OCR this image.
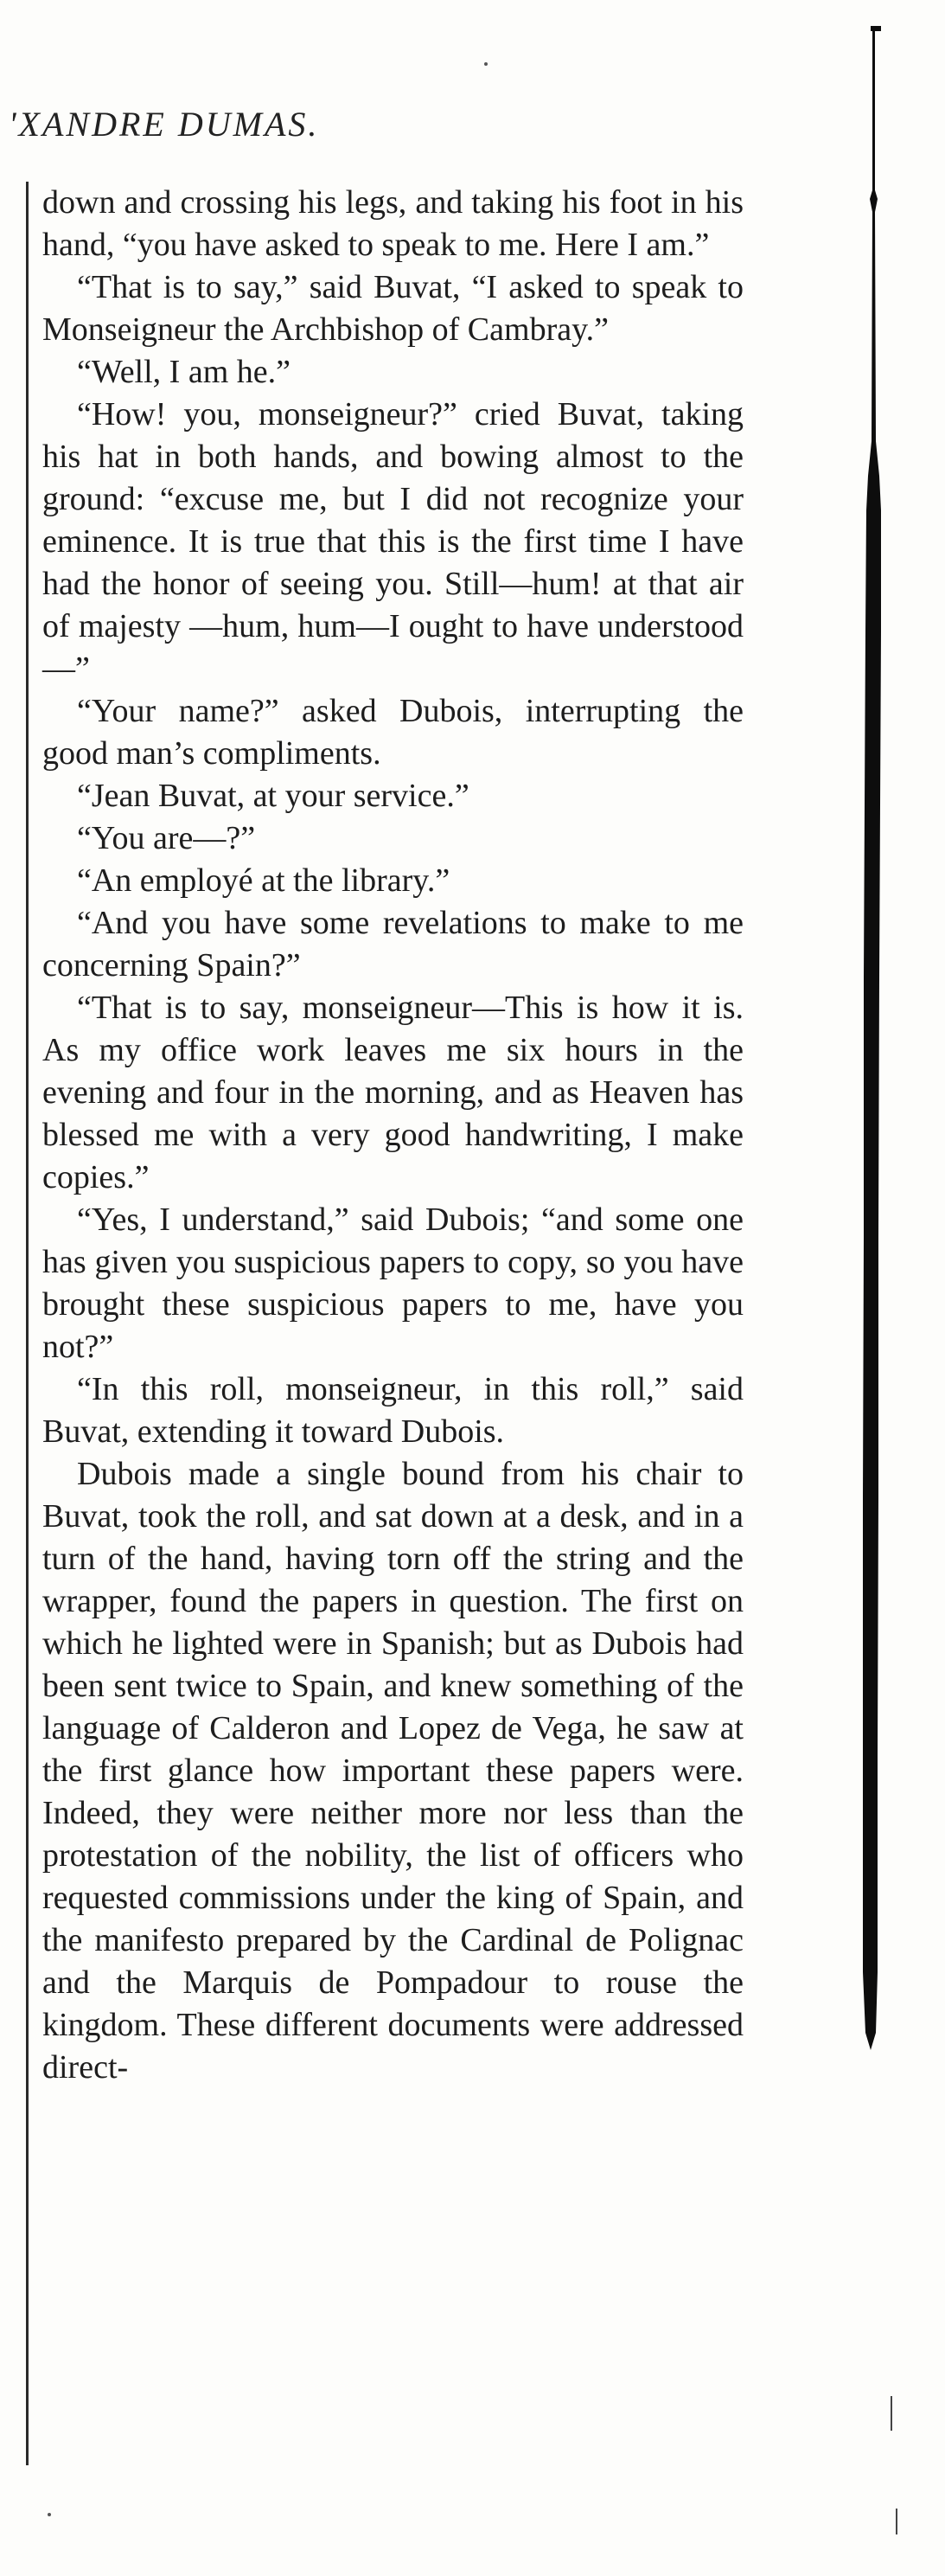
'XANDRE DUMAS.

down and crossing his legs, and taking his foot in his hand, “you have asked to speak to me. Here I am.”

“That is to say,” said Buvat, “I asked to speak to Monseigneur the Archbishop of Cambray.”

“Well, I am he.”

“How! you, monseigneur?” cried Buvat, taking his hat in both hands, and bowing almost to the ground: “excuse me, but I did not recognize your eminence. It is true that this is the first time I have had the honor of seeing you. Still—hum! at that air of majesty —hum, hum—I ought to have understood—”

“Your name?” asked Dubois, interrupting the good man’s compliments.

“Jean Buvat, at your service.”

“You are—?”

“An employé at the library.”

“And you have some revelations to make to me concerning Spain?”

“That is to say, monseigneur—This is how it is. As my office work leaves me six hours in the evening and four in the morning, and as Heaven has blessed me with a very good handwriting, I make copies.”

“Yes, I understand,” said Dubois; “and some one has given you suspicious papers to copy, so you have brought these suspicious papers to me, have you not?”

“In this roll, monseigneur, in this roll,” said Buvat, extending it toward Dubois.

Dubois made a single bound from his chair to Buvat, took the roll, and sat down at a desk, and in a turn of the hand, having torn off the string and the wrapper, found the papers in question. The first on which he lighted were in Spanish; but as Dubois had been sent twice to Spain, and knew something of the language of Calderon and Lopez de Vega, he saw at the first glance how important these papers were. Indeed, they were neither more nor less than the protestation of the nobility, the list of officers who requested commissions under the king of Spain, and the manifesto prepared by the Cardinal de Polignac and the Marquis de Pompadour to rouse the kingdom. These different documents were addressed direct-
